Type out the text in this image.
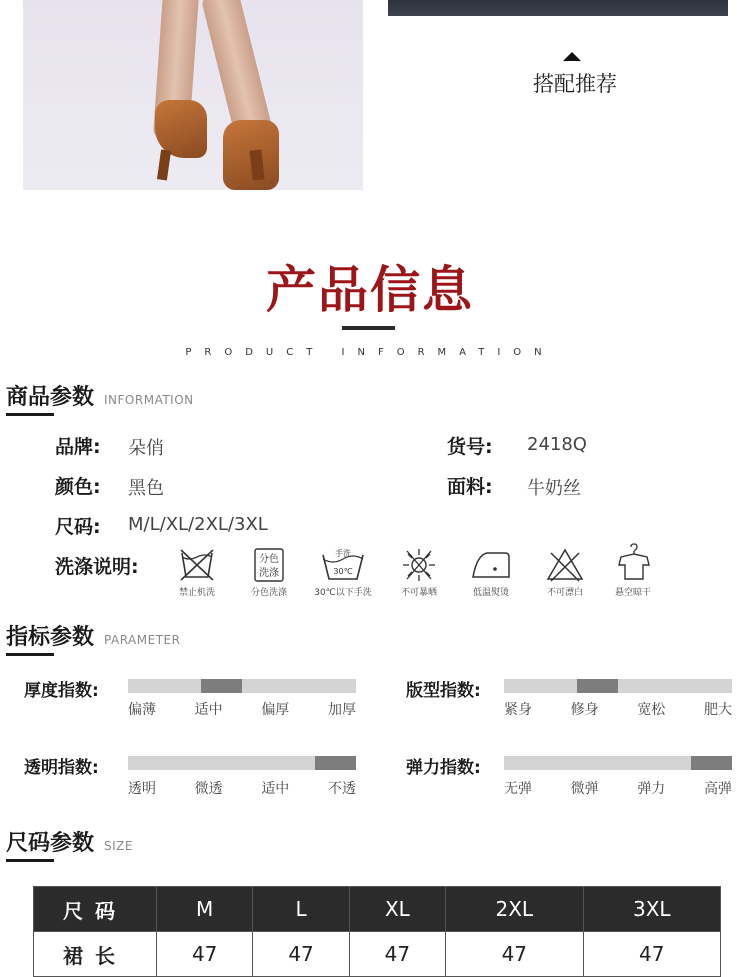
搭配推荐
产品信息
PRODUCT INFORMATION
商品参数 INFORMATION
品牌: 朵俏	货号: 2418Q
颜色: 黑色	面料: 牛奶丝
尺码: M/L/XL/2XL/3XL
洗涤说明:
禁止机洗
分色
洗涤
分色洗涤
手洗
30℃
30℃以下手洗	不可暴晒	低温熨烫	不可漂白	悬空晾干
指标参数 PARAMETER
厚度指数:
偏薄	适中	偏厚	加厚
版型指数:
紧身	修身	宽松	肥大
透明指数:
透明	微透	适中	不透
弹力指数:
无弹	微弹	弹力	高弹
尺码参数 SIZE
尺码	M	L	XL	2XL	3XL
裙长	47	47	47	47	47
